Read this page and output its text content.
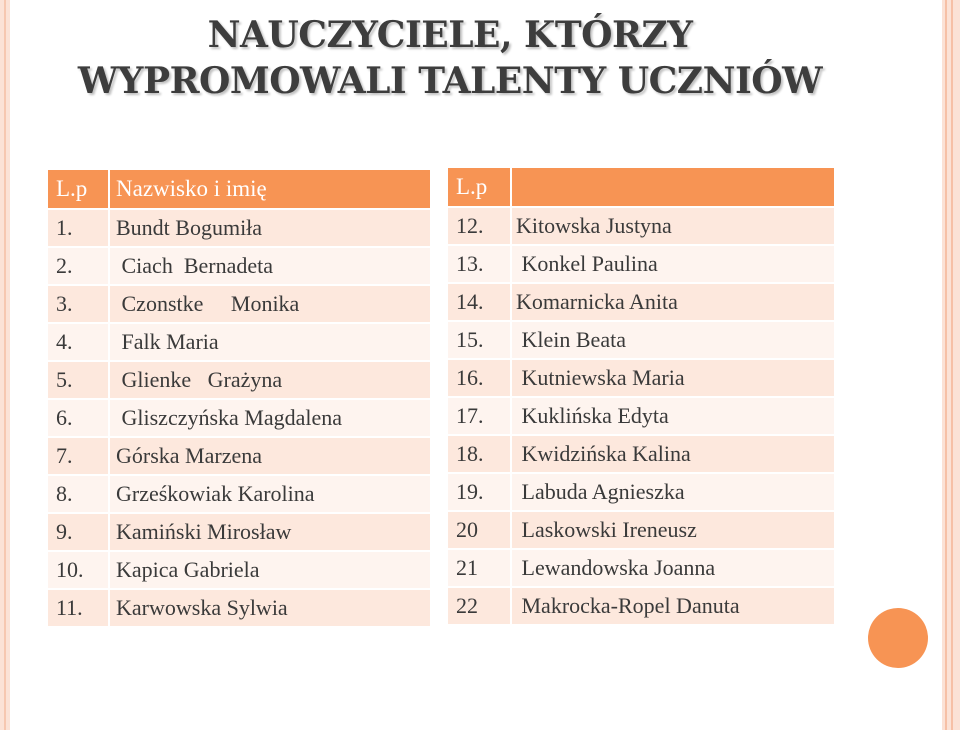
NAUCZYCIELE, KTÓRZY
WYPROMOWALI TALENTY UCZNIÓW
L.p	Nazwisko i imię
1.	Bundt Bogumiła
2.	Ciach  Bernadeta
3.	Czonstke     Monika
4.	Falk Maria
5.	Glienke   Grażyna
6.	Gliszczyńska Magdalena
7.	Górska Marzena
8.	Grześkowiak Karolina
9.	Kamiński Mirosław
10.	Kapica Gabriela
11.	Karwowska Sylwia
L.p	
12.	Kitowska Justyna
13.	Konkel Paulina
14.	Komarnicka Anita
15.	Klein Beata
16.	Kutniewska Maria
17.	Kuklińska Edyta
18.	Kwidzińska Kalina
19.	Labuda Agnieszka
20	Laskowski Ireneusz
21	Lewandowska Joanna
22	Makrocka-Ropel Danuta
